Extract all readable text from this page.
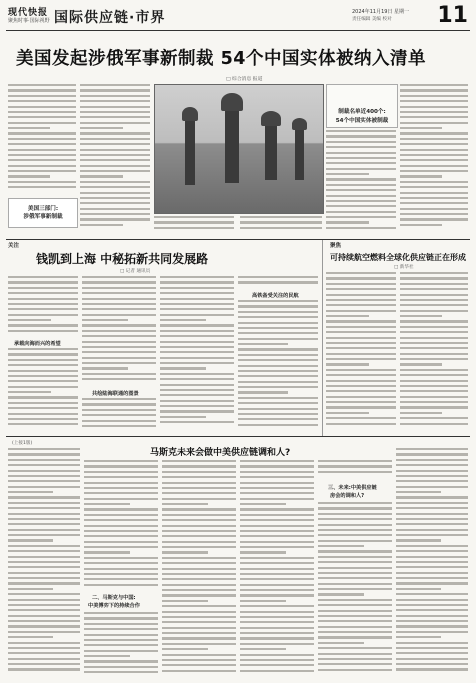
现代快报
聚焦时事·国际视野 国际供应链·市界	2024年11月19日 星期一
责任编辑 美编 校对 11
美国发起涉俄军事新制裁 54个中国实体被纳入清单
□ 综合消息 报道
美国三部门:
涉俄军事新制裁
制裁名单近400个:
54个中国实体被制裁
关注	聚焦
钱凯到上海 中秘拓新共同发展路
□ 记者 通讯员
承载向海而兴的希望
共绘陆海联通的图景
高铁备受关注的民航
可持续航空燃料全球化供应链正在形成
□ 新华社
马斯克未来会做中美供应链调和人?
(上接1版)
二、马斯克与中国:
中美博弈下的持续合作
三、未来:中美供应链
房会的调和人?
